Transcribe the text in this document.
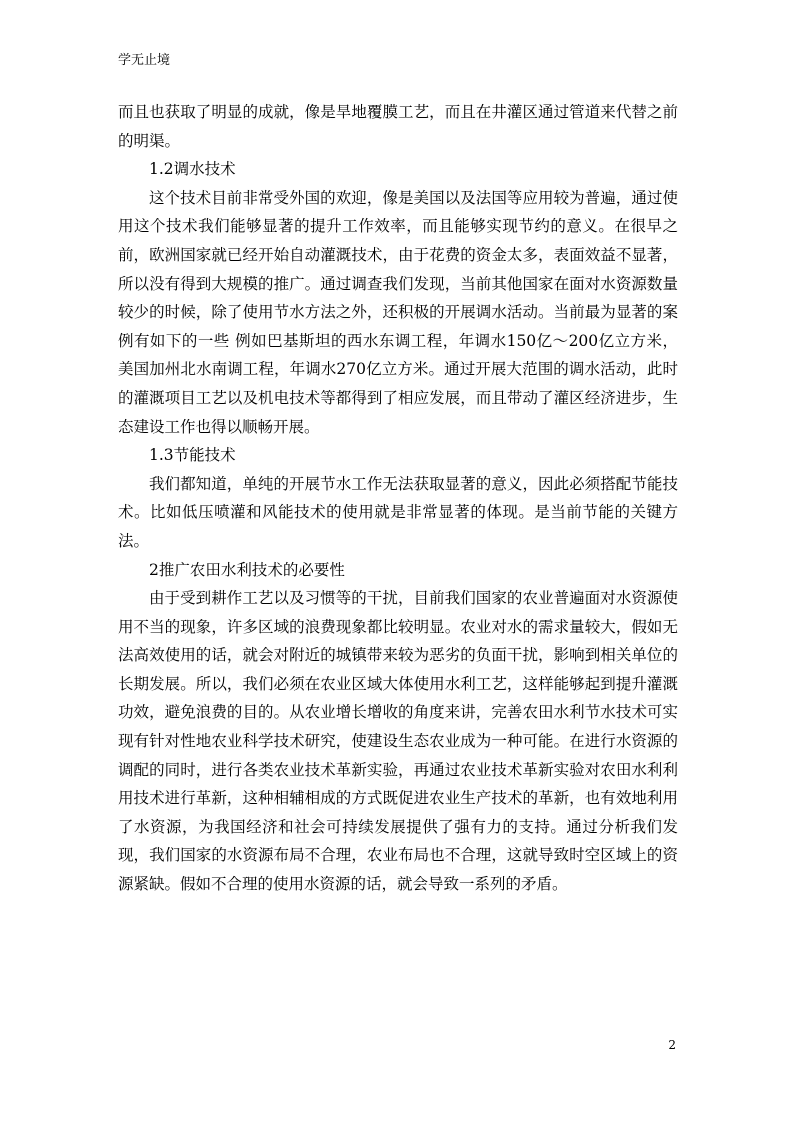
学无止境

而且也获取了明显的成就，像是旱地覆膜工艺，而且在井灌区通过管道来代替之前的明渠。

1.2调水技术

这个技术目前非常受外国的欢迎，像是美国以及法国等应用较为普遍，通过使用这个技术我们能够显著的提升工作效率，而且能够实现节约的意义。在很早之前，欧洲国家就已经开始自动灌溉技术，由于花费的资金太多，表面效益不显著，所以没有得到大规模的推广。通过调查我们发现，当前其他国家在面对水资源数量较少的时候，除了使用节水方法之外，还积极的开展调水活动。当前最为显著的案例有如下的一些 例如巴基斯坦的西水东调工程，年调水150亿～200亿立方米，美国加州北水南调工程，年调水270亿立方米。通过开展大范围的调水活动，此时的灌溉项目工艺以及机电技术等都得到了相应发展，而且带动了灌区经济进步，生态建设工作也得以顺畅开展。

1.3节能技术

我们都知道，单纯的开展节水工作无法获取显著的意义，因此必须搭配节能技术。比如低压喷灌和风能技术的使用就是非常显著的体现。是当前节能的关键方法。

2推广农田水利技术的必要性

由于受到耕作工艺以及习惯等的干扰，目前我们国家的农业普遍面对水资源使用不当的现象，许多区域的浪费现象都比较明显。农业对水的需求量较大，假如无法高效使用的话，就会对附近的城镇带来较为恶劣的负面干扰，影响到相关单位的长期发展。所以，我们必须在农业区域大体使用水利工艺，这样能够起到提升灌溉功效，避免浪费的目的。从农业增长增收的角度来讲，完善农田水利节水技术可实现有针对性地农业科学技术研究，使建设生态农业成为一种可能。在进行水资源的调配的同时，进行各类农业技术革新实验，再通过农业技术革新实验对农田水利利用技术进行革新，这种相辅相成的方式既促进农业生产技术的革新，也有效地利用了水资源，为我国经济和社会可持续发展提供了强有力的支持。通过分析我们发现，我们国家的水资源布局不合理，农业布局也不合理，这就导致时空区域上的资源紧缺。假如不合理的使用水资源的话，就会导致一系列的矛盾。

2
